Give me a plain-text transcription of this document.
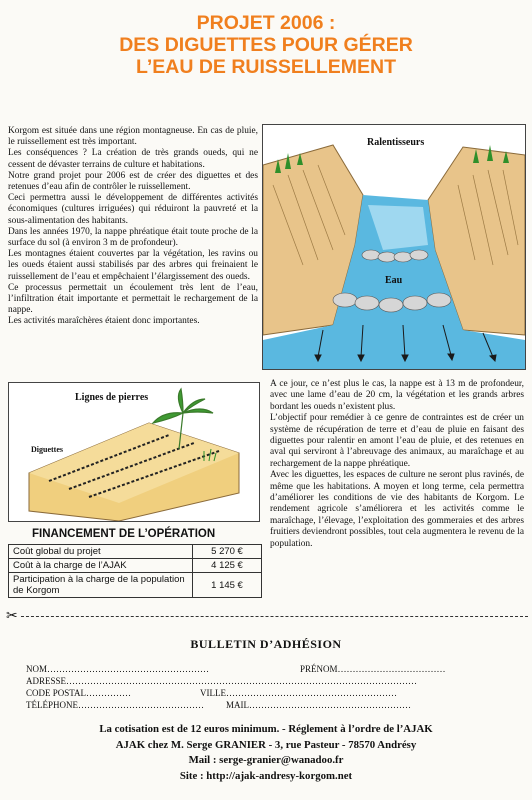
PROJET 2006 :
DES DIGUETTES POUR GÉRER
L’EAU DE RUISSELLEMENT

Korgom est située dans une région montagneuse. En cas de pluie, le ruissellement est très important.

Les conséquences ? La création de très grands oueds, qui ne cessent de dévaster terrains de culture et habitations.

Notre grand projet pour 2006 est de créer des diguettes et des retenues d’eau afin de contrôler le ruissellement.

Ceci permettra aussi le développement de différentes activités économiques (cultures irriguées) qui réduiront la pauvreté et la sous-alimentation des habitants.

Dans les années 1970, la nappe phréatique était toute proche de la surface du sol (à environ 3 m de profondeur).

Les montagnes étaient couvertes par la végétation, les ravins ou les oueds étaient aussi stabilisés par des arbres qui freinaient le ruissellement de l’eau et empêchaient l’élargissement des oueds.

Ce processus permettait un écoulement très lent de l’eau, l’infiltration était importante et permettait le rechargement de la nappe.

Les activités maraîchères étaient donc importantes.

Ralentisseurs
Eau
Lignes de pierres
Diguettes

A ce jour, ce n’est plus le cas, la nappe est à 13 m de profondeur, avec une lame d’eau de 20 cm, la végétation et les grands arbres bordant les oueds n’existent plus.

L’objectif pour remédier à ce genre de contraintes est de créer un système de récupération de terre et d’eau de pluie en faisant des diguettes pour ralentir en amont l’eau de pluie, et des retenues en aval qui serviront à l’abreuvage des animaux, au maraîchage et au rechargement de la nappe phréatique.

Avec les diguettes, les espaces de culture ne seront plus ravinés, de même que les habitations. A moyen et long terme, cela permettra d’améliorer les conditions de vie des habitants de Korgom. Le rendement agricole s’améliorera et les activités comme le maraîchage, l’élevage, l’exploitation des gommeraies et des arbres fruitiers deviendront possibles, tout cela augmentera le revenu de la population.

FINANCEMENT DE L’OPÉRATION
Coût global du projet	5 270 €
Coût à la charge de l’AJAK	4 125 €
Participation à la charge de la population de Korgom	1 145 €
✂
BULLETIN D’ADHÉSION
NOM………………………………………………	PRÉNOM………………………………
ADRESSE………………………………………………………………………………………………………
CODE POSTAL……………	VILLE…………………………………………………
TÉLÉPHONE…………………………………… MAIL………………………………………………
La cotisation est de 12 euros minimum. - Réglement à l’ordre de l’AJAK
AJAK chez M. Serge GRANIER - 3, rue Pasteur - 78570 Andrésy
Mail : serge-granier@wanadoo.fr
Site : http://ajak-andresy-korgom.net
